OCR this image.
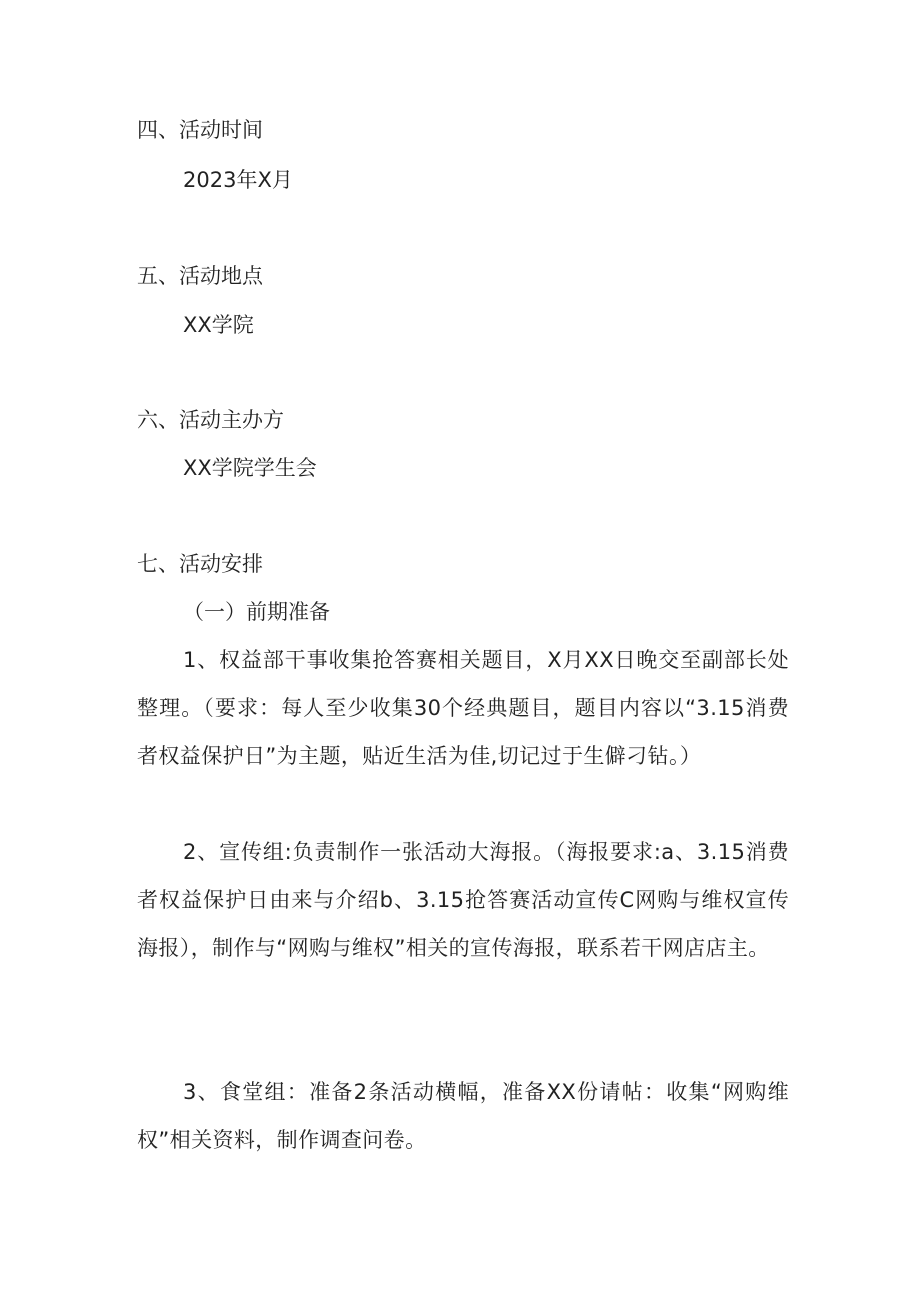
四、活动时间
2023年X月
五、活动地点
XX学院
六、活动主办方
XX学院学生会
七、活动安排
（一）前期准备
1、权益部干事收集抢答赛相关题目，X月XX日晚交至副部长处整理。（要求：每人至少收集30个经典题目，题目内容以“3.15消费者权益保护日”为主题，贴近生活为佳,切记过于生僻刁钻。）
2、宣传组:负责制作一张活动大海报。（海报要求:a、3.15消费者权益保护日由来与介绍b、3.15抢答赛活动宣传C网购与维权宣传海报），制作与“网购与维权”相关的宣传海报，联系若干网店店主。
3、食堂组：准备2条活动横幅，准备XX份请帖：收集“网购维权”相关资料，制作调查问卷。
